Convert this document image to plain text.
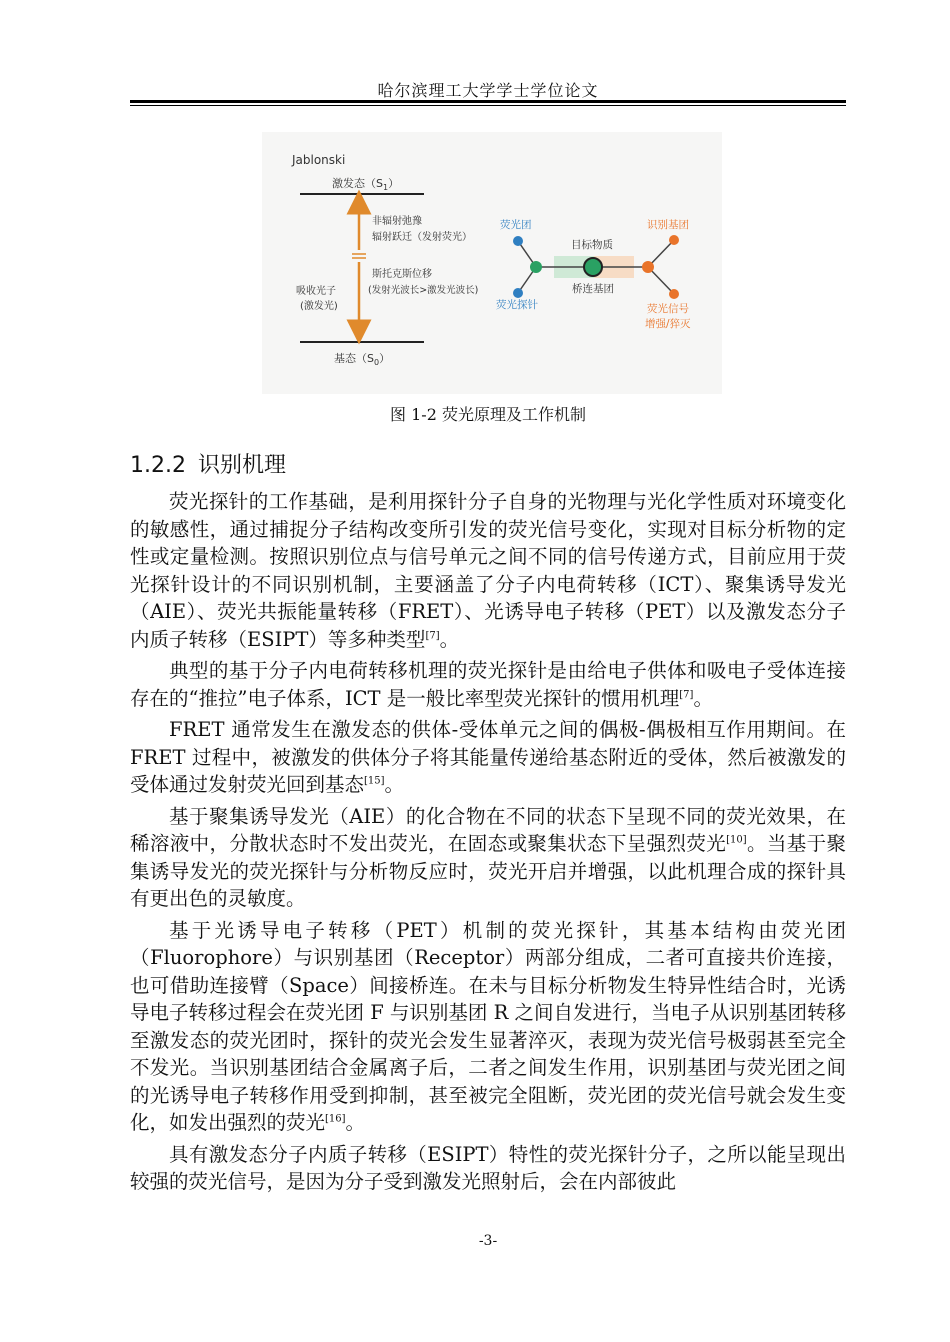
哈尔滨理工大学学士学位论文
Jablonski
激发态$(S_1)$
基态$(S_0)$
非辐射弛豫
辐射跃迁（发射荧光）
斯托克斯位移
(发射光波长>激发光波长)
吸收光子
(激发光)
荧光团
荧光探针
目标物质
桥连基团
识别基团
荧光信号
增强/猝灭
图 1-2 荧光原理及工作机制
1.2.2 识别机理

荧光探针的工作基础，是利用探针分子自身的光物理与光化学性质对环境变化的敏感性，通过捕捉分子结构改变所引发的荧光信号变化，实现对目标分析物的定性或定量检测。按照识别位点与信号单元之间不同的信号传递方式，目前应用于荧光探针设计的不同识别机制，主要涵盖了分子内电荷转移（ICT）、聚集诱导发光（AIE）、荧光共振能量转移（FRET）、光诱导电子转移（PET）以及激发态分子内质子转移（ESIPT）等多种类型[7]。

典型的基于分子内电荷转移机理的荧光探针是由给电子供体和吸电子受体连接存在的“推拉”电子体系，ICT 是一般比率型荧光探针的惯用机理[7]。

FRET 通常发生在激发态的供体-受体单元之间的偶极-偶极相互作用期间。在 FRET 过程中，被激发的供体分子将其能量传递给基态附近的受体，然后被激发的受体通过发射荧光回到基态[15]。

基于聚集诱导发光（AIE）的化合物在不同的状态下呈现不同的荧光效果，在稀溶液中，分散状态时不发出荧光，在固态或聚集状态下呈强烈荧光[10]。当基于聚集诱导发光的荧光探针与分析物反应时，荧光开启并增强，以此机理合成的探针具有更出色的灵敏度。

基于光诱导电子转移（PET）机制的荧光探针，其基本结构由荧光团（Fluorophore）与识别基团（Receptor）两部分组成，二者可直接共价连接，也可借助连接臂（Space）间接桥连。在未与目标分析物发生特异性结合时，光诱导电子转移过程会在荧光团 F 与识别基团 R 之间自发进行，当电子从识别基团转移至激发态的荧光团时，探针的荧光会发生显著淬灭，表现为荧光信号极弱甚至完全不发光。当识别基团结合金属离子后，二者之间发生作用，识别基团与荧光团之间的光诱导电子转移作用受到抑制，甚至被完全阻断，荧光团的荧光信号就会发生变化，如发出强烈的荧光[16]。

具有激发态分子内质子转移（ESIPT）特性的荧光探针分子，之所以能呈现出较强的荧光信号，是因为分子受到激发光照射后，会在内部彼此

-3-
